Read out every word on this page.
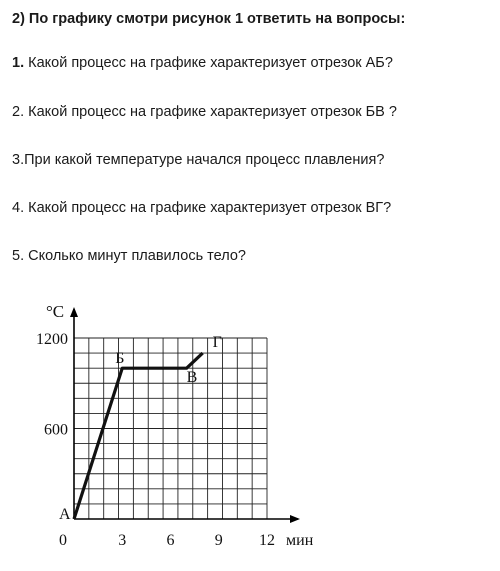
2) По графику смотри рисунок 1 ответить на вопросы:
1. Какой процесс на графике характеризует отрезок АБ?
2. Какой процесс на графике характеризует отрезок БВ ?
3.При какой температуре начался процесс плавления?
4. Какой процесс на графике характеризует отрезок ВГ?
5. Сколько минут плавилось тело?
°C
мин
0	3	6	9 12
600
1200
А
Б
В
Г
